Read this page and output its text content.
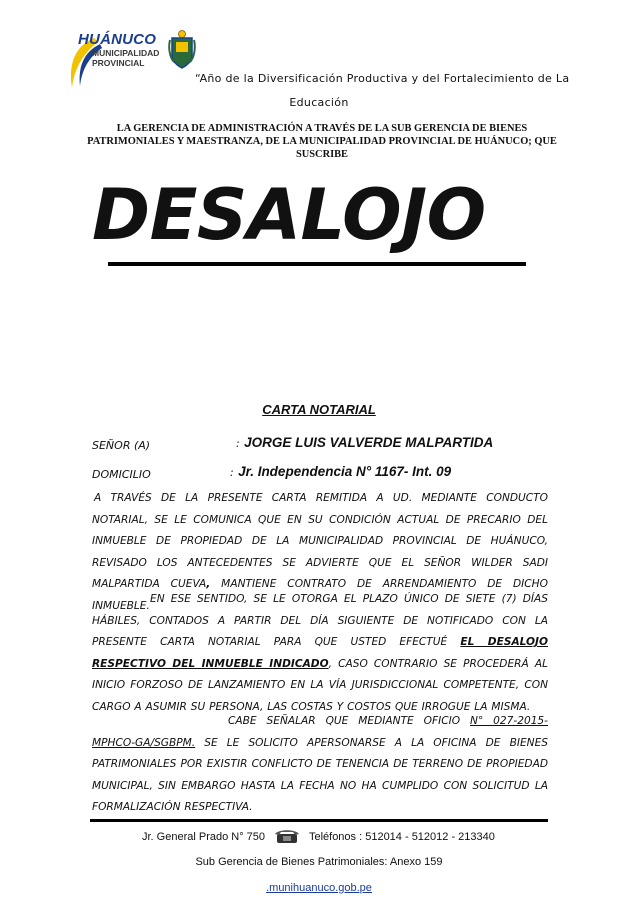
HUÁNUCO
MUNICIPALIDAD
PROVINCIAL
“Año de la Diversificación Productiva y del Fortalecimiento de La
Educación
LA GERENCIA DE ADMINISTRACIÓN A TRAVÉS DE LA SUB GERENCIA DE BIENES PATRIMONIALES Y MAESTRANZA, DE LA MUNICIPALIDAD PROVINCIAL DE HUÁNUCO; QUE SUSCRIBE
DESALOJO
CARTA NOTARIAL
SEÑOR (A)	: JORGE LUIS VALVERDE MALPARTIDA
DOMICILIO	: Jr. Independencia N° 1167- Int. 09
A TRAVÉS DE LA PRESENTE CARTA REMITIDA A UD. MEDIANTE CONDUCTO NOTARIAL, SE LE COMUNICA QUE EN SU CONDICIÓN ACTUAL DE PRECARIO DEL INMUEBLE DE PROPIEDAD DE LA MUNICIPALIDAD PROVINCIAL DE HUÁNUCO, REVISADO LOS ANTECEDENTES SE ADVIERTE QUE EL SEÑOR WILDER SADI MALPARTIDA CUEVA, MANTIENE CONTRATO DE ARRENDAMIENTO DE DICHO INMUEBLE.
EN ESE SENTIDO, SE LE OTORGA EL PLAZO ÚNICO DE SIETE (7) DÍAS HÁBILES, CONTADOS A PARTIR DEL DÍA SIGUIENTE DE NOTIFICADO CON LA PRESENTE CARTA NOTARIAL PARA QUE USTED EFECTUÉ EL DESALOJO RESPECTIVO DEL INMUEBLE INDICADO, CASO CONTRARIO SE PROCEDERÁ AL INICIO FORZOSO DE LANZAMIENTO EN LA VÍA JURISDICCIONAL COMPETENTE, CON CARGO A ASUMIR SU PERSONA, LAS COSTAS Y COSTOS QUE IRROGUE LA MISMA.
CABE SEÑALAR QUE MEDIANTE OFICIO N° 027-2015-MPHCO-GA/SGBPM. SE LE SOLICITO APERSONARSE A LA OFICINA DE BIENES PATRIMONIALES POR EXISTIR CONFLICTO DE TENENCIA DE TERRENO DE PROPIEDAD MUNICIPAL, SIN EMBARGO HASTA LA FECHA NO HA CUMPLIDO CON SOLICITUD LA FORMALIZACIÓN RESPECTIVA.
Jr. General Prado N° 750	Teléfonos : 512014 - 512012 - 213340
Sub Gerencia de Bienes Patrimoniales: Anexo 159
.munihuanuco.gob.pe
